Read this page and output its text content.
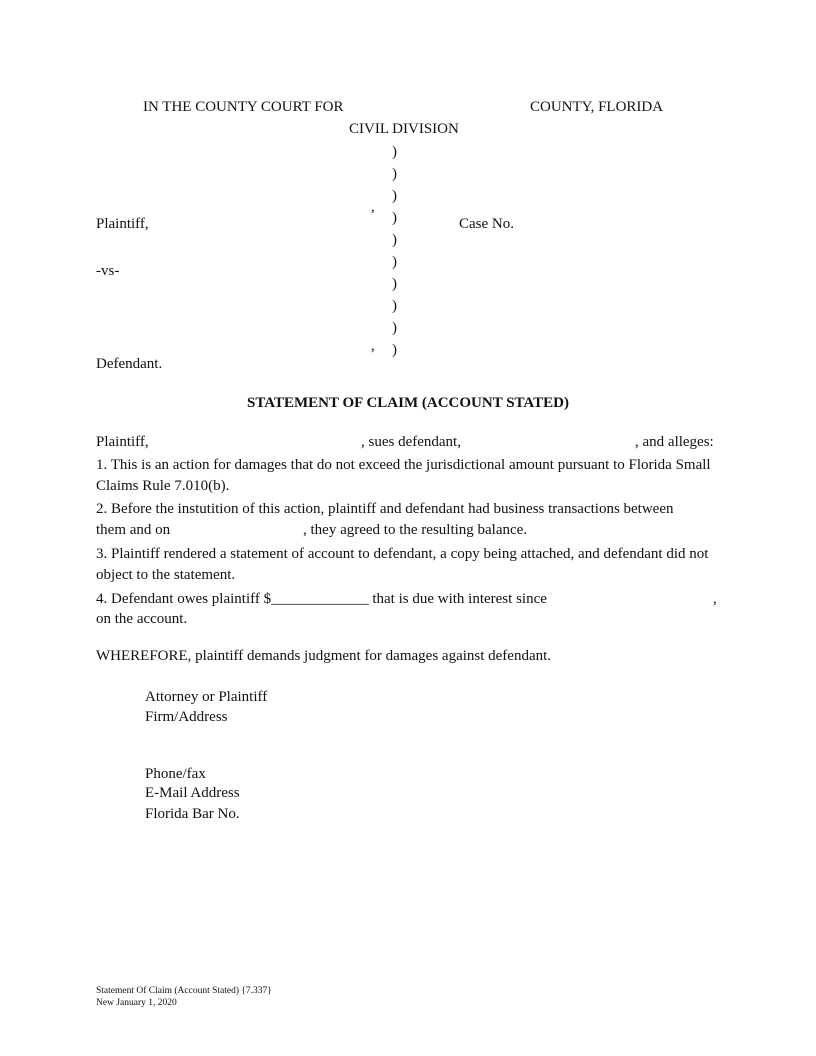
IN THE COUNTY COURT FOR	COUNTY, FLORIDA
CIVIL DIVISION
)
)
)
)
)
)
)
)
)
)
,
Plaintiff,	Case No.
-vs-
,
Defendant.
STATEMENT OF CLAIM (ACCOUNT STATED)
Plaintiff,	, sues defendant,	, and alleges:
1. This is an action for damages that do not exceed the jurisdictional amount pursuant to Florida Small Claims Rule 7.010(b).
2. Before the instutition of this action, plaintiff and defendant had business transactions between
them and on	, they agreed to the resulting balance.
3. Plaintiff rendered a statement of account to defendant, a copy being attached, and defendant did not object to the statement.
4. Defendant owes plaintiff $_____________ that is due with interest since	,
on the account.
WHEREFORE, plaintiff demands judgment for damages against defendant.
Attorney or Plaintiff
Firm/Address
Phone/fax
E-Mail Address
Florida Bar No.
Statement Of Claim (Account Stated) {7.337}
New January 1, 2020
